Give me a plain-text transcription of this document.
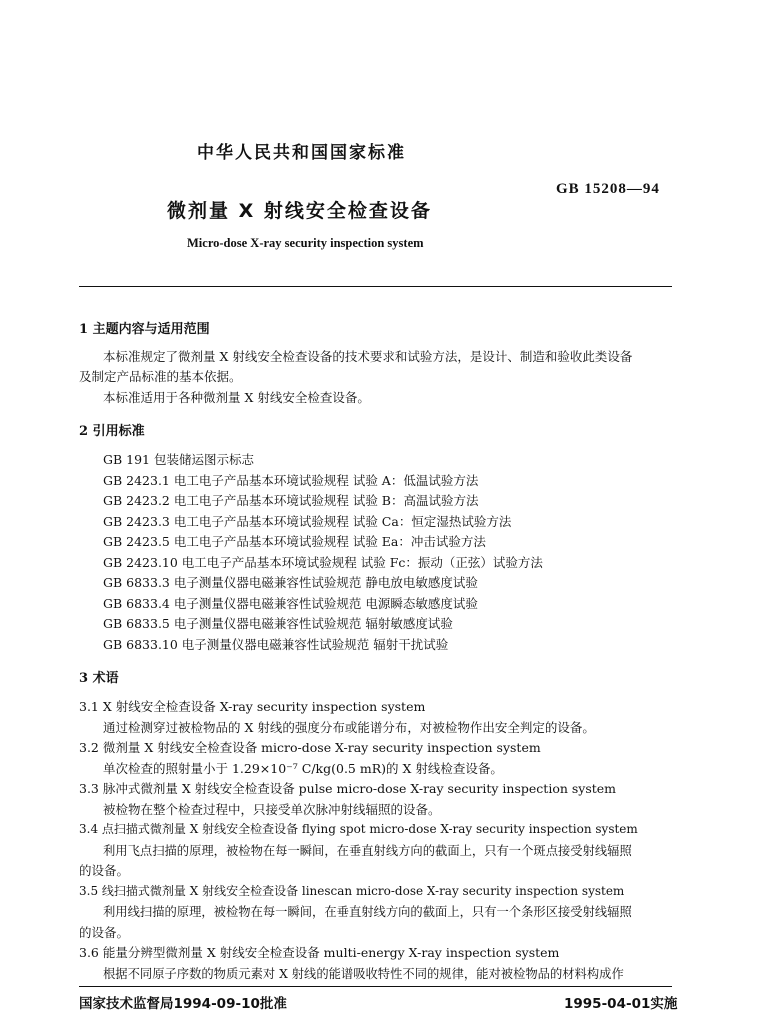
中华人民共和国国家标准
微剂量 X 射线安全检查设备
GB 15208—94
Micro-dose X-ray security inspection system
1 主题内容与适用范围
本标准规定了微剂量 X 射线安全检查设备的技术要求和试验方法，是设计、制造和验收此类设备
及制定产品标准的基本依据。
本标准适用于各种微剂量 X 射线安全检查设备。
2 引用标准
GB 191 包装储运图示标志
GB 2423.1 电工电子产品基本环境试验规程 试验 A：低温试验方法
GB 2423.2 电工电子产品基本环境试验规程 试验 B：高温试验方法
GB 2423.3 电工电子产品基本环境试验规程 试验 Ca：恒定湿热试验方法
GB 2423.5 电工电子产品基本环境试验规程 试验 Ea：冲击试验方法
GB 2423.10 电工电子产品基本环境试验规程 试验 Fc：振动（正弦）试验方法
GB 6833.3 电子测量仪器电磁兼容性试验规范 静电放电敏感度试验
GB 6833.4 电子测量仪器电磁兼容性试验规范 电源瞬态敏感度试验
GB 6833.5 电子测量仪器电磁兼容性试验规范 辐射敏感度试验
GB 6833.10 电子测量仪器电磁兼容性试验规范 辐射干扰试验
3 术语
3.1 X 射线安全检查设备 X-ray security inspection system
通过检测穿过被检物品的 X 射线的强度分布或能谱分布，对被检物作出安全判定的设备。
3.2 微剂量 X 射线安全检查设备 micro-dose X-ray security inspection system
单次检查的照射量小于 1.29×10⁻⁷ C/kg(0.5 mR)的 X 射线检查设备。
3.3 脉冲式微剂量 X 射线安全检查设备 pulse micro-dose X-ray security inspection system
被检物在整个检查过程中，只接受单次脉冲射线辐照的设备。
3.4 点扫描式微剂量 X 射线安全检查设备 flying spot micro-dose X-ray security inspection system
利用飞点扫描的原理，被检物在每一瞬间，在垂直射线方向的截面上，只有一个斑点接受射线辐照
的设备。
3.5 线扫描式微剂量 X 射线安全检查设备 linescan micro-dose X-ray security inspection system
利用线扫描的原理，被检物在每一瞬间，在垂直射线方向的截面上，只有一个条形区接受射线辐照
的设备。
3.6 能量分辨型微剂量 X 射线安全检查设备 multi-energy X-ray inspection system
根据不同原子序数的物质元素对 X 射线的能谱吸收特性不同的规律，能对被检物品的材料构成作
国家技术监督局1994-09-10批准	1995-04-01实施
